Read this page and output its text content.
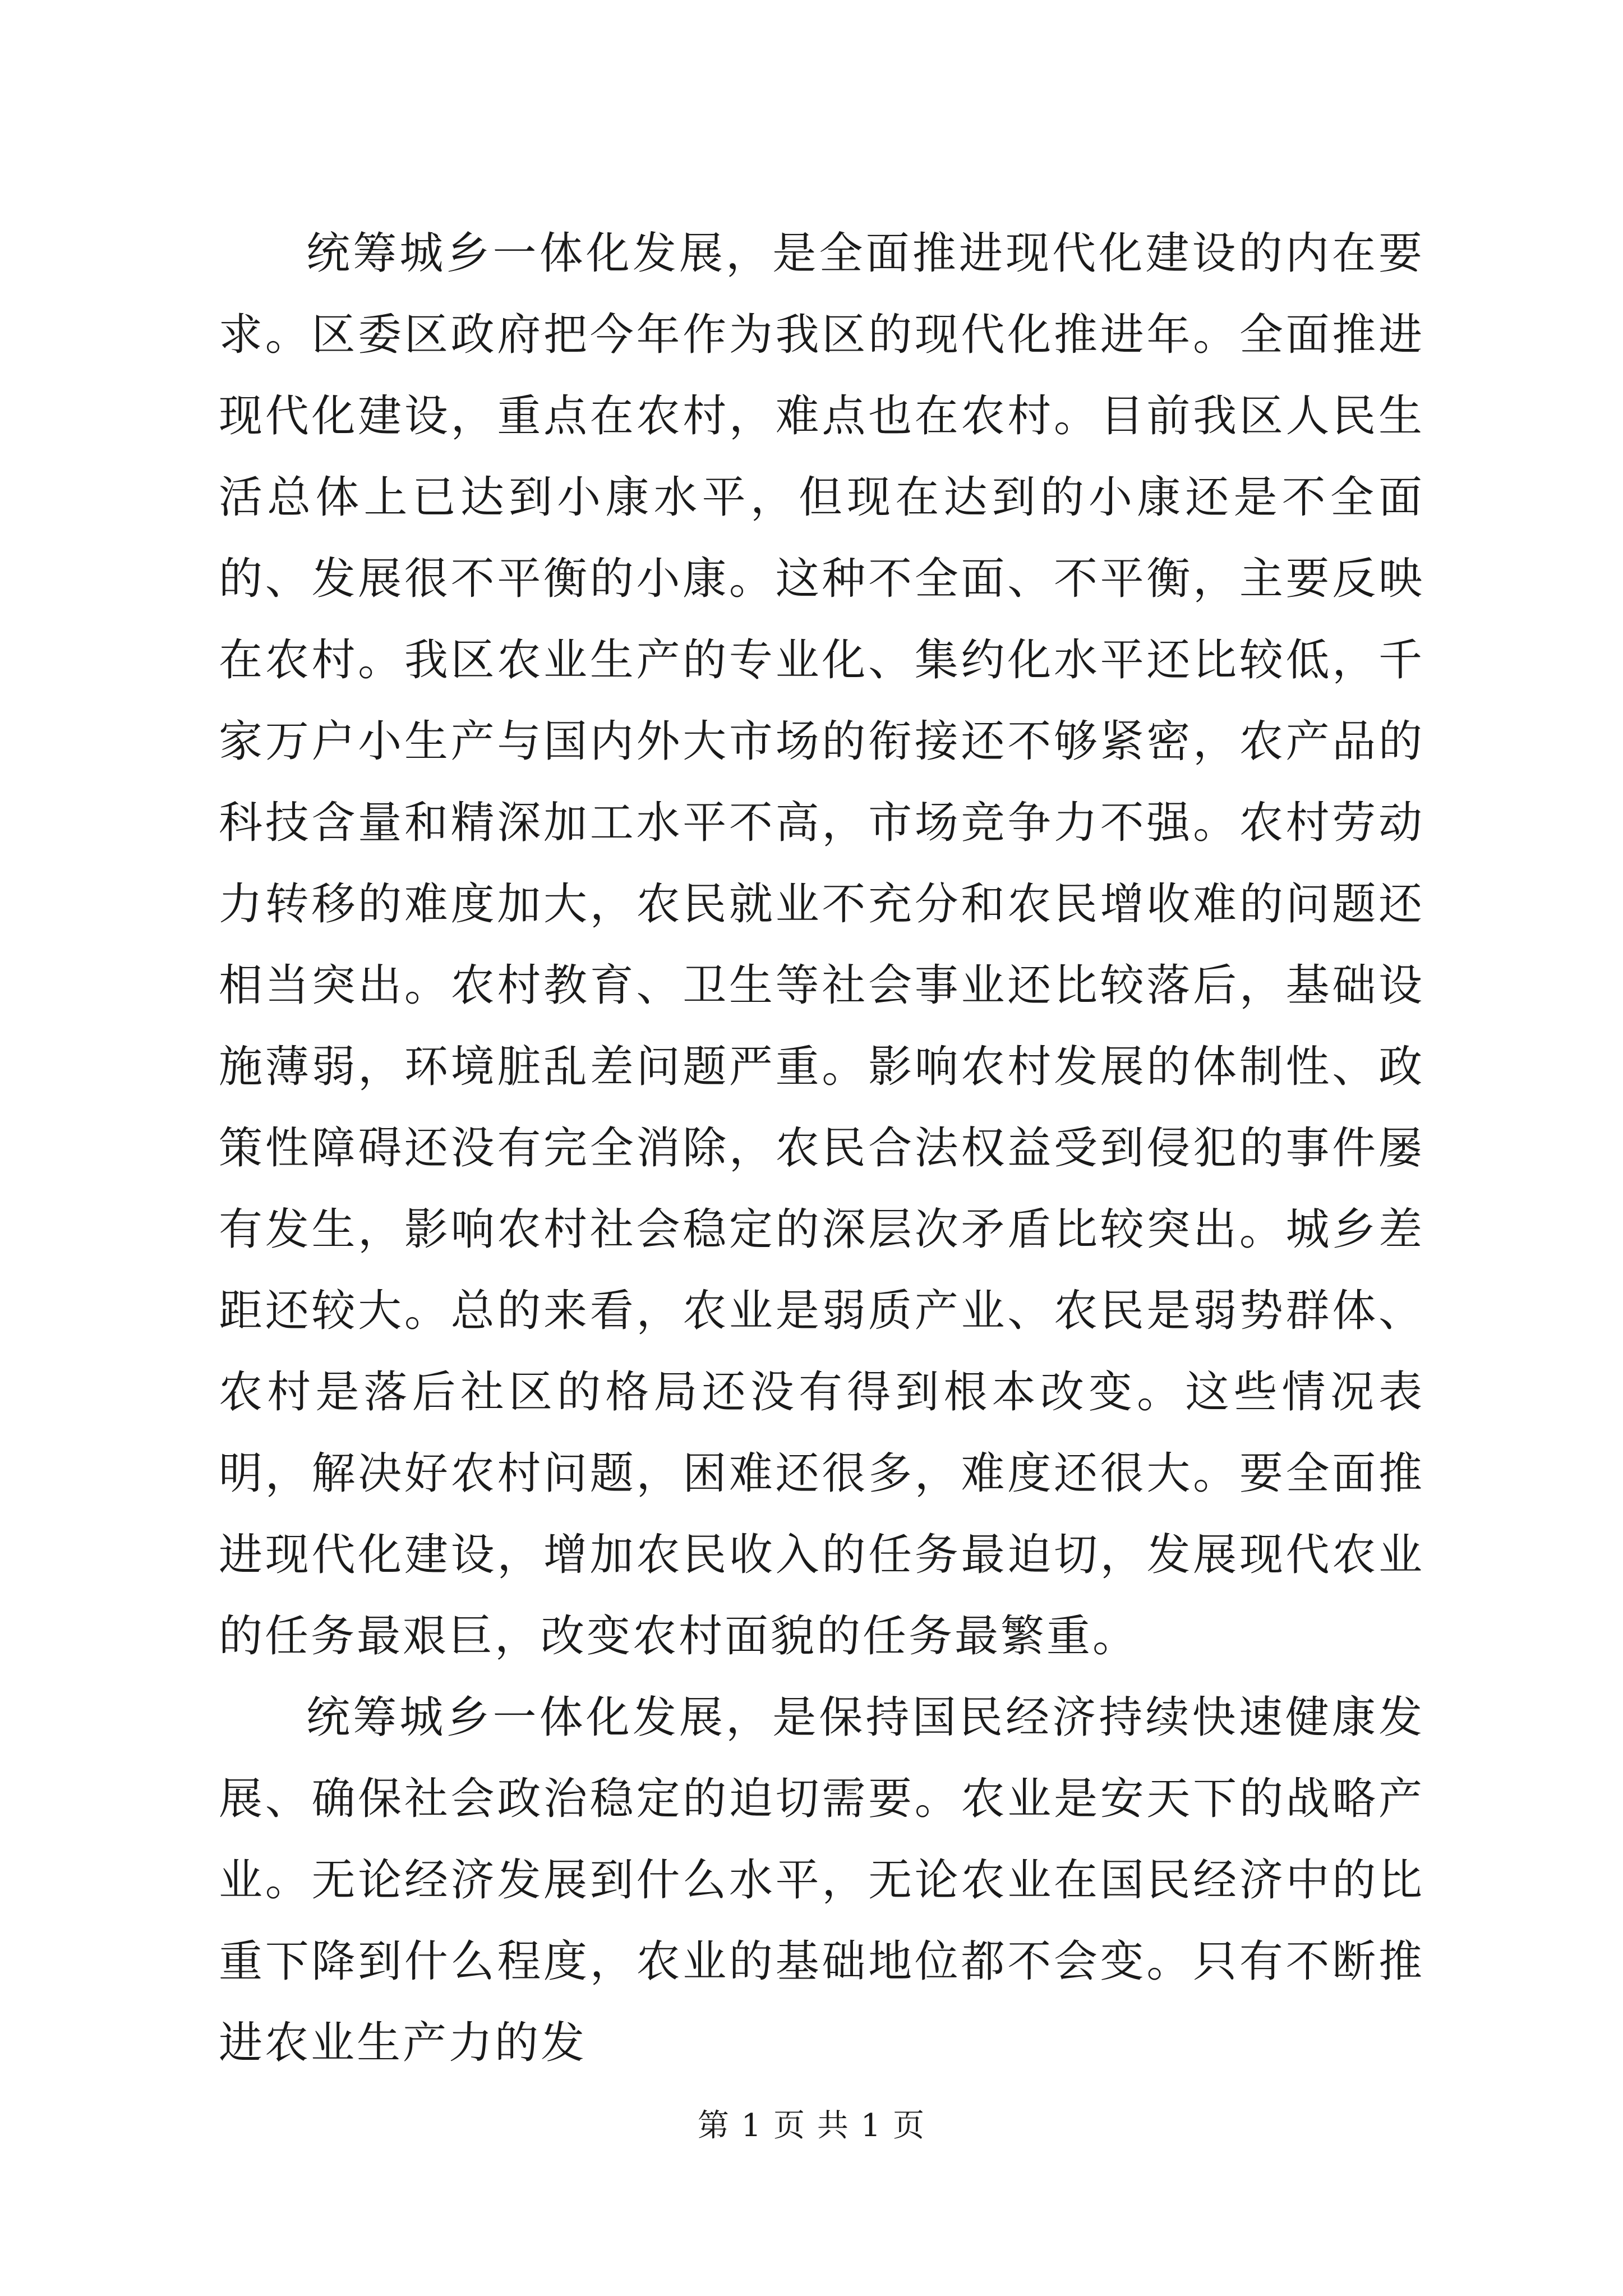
统筹城乡一体化发展，是全面推进现代化建设的内在要求。区委区政府把今年作为我区的现代化推进年。全面推进现代化建设，重点在农村，难点也在农村。目前我区人民生活总体上已达到小康水平，但现在达到的小康还是不全面的、发展很不平衡的小康。这种不全面、不平衡，主要反映在农村。我区农业生产的专业化、集约化水平还比较低，千家万户小生产与国内外大市场的衔接还不够紧密，农产品的科技含量和精深加工水平不高，市场竞争力不强。农村劳动力转移的难度加大，农民就业不充分和农民增收难的问题还相当突出。农村教育、卫生等社会事业还比较落后，基础设施薄弱，环境脏乱差问题严重。影响农村发展的体制性、政策性障碍还没有完全消除，农民合法权益受到侵犯的事件屡有发生，影响农村社会稳定的深层次矛盾比较突出。城乡差距还较大。总的来看，农业是弱质产业、农民是弱势群体、农村是落后社区的格局还没有得到根本改变。这些情况表明，解决好农村问题，困难还很多，难度还很大。要全面推进现代化建设，增加农民收入的任务最迫切，发展现代农业的任务最艰巨，改变农村面貌的任务最繁重。

统筹城乡一体化发展，是保持国民经济持续快速健康发展、确保社会政治稳定的迫切需要。农业是安天下的战略产业。无论经济发展到什么水平，无论农业在国民经济中的比重下降到什么程度，农业的基础地位都不会变。只有不断推进农业生产力的发

第 1 页 共 1 页
